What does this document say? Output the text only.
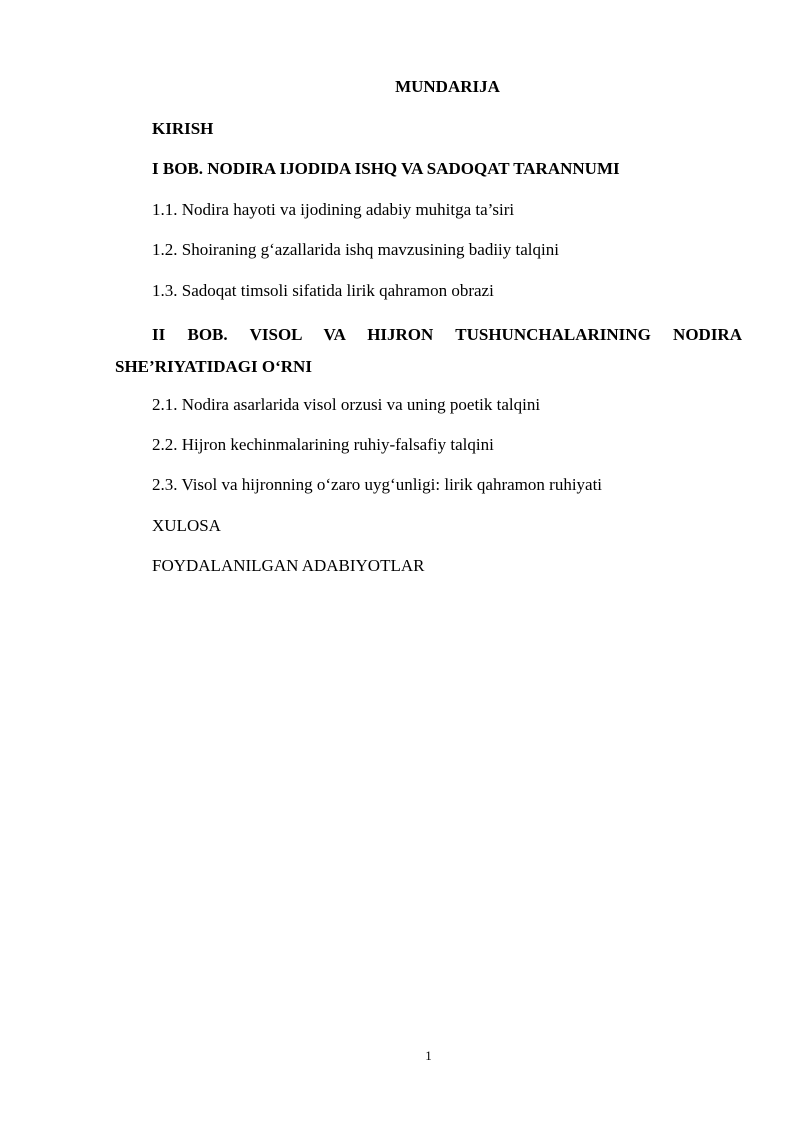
MUNDARIJA
KIRISH
I BOB. NODIRA IJODIDA ISHQ VA SADOQAT TARANNUMI
1.1. Nodira hayoti va ijodining adabiy muhitga ta’siri
1.2. Shoiraning g‘azallarida ishq mavzusining badiiy talqini
1.3. Sadoqat timsoli sifatida lirik qahramon obrazi
II BOB. VISOL VA HIJRON TUSHUNCHALARINING NODIRA
SHE’RIYATIDAGI O‘RNI
2.1. Nodira asarlarida visol orzusi va uning poetik talqini
2.2. Hijron kechinmalarining ruhiy-falsafiy talqini
2.3. Visol va hijronning o‘zaro uyg‘unligi: lirik qahramon ruhiyati
XULOSA
FOYDALANILGAN ADABIYOTLAR
1
